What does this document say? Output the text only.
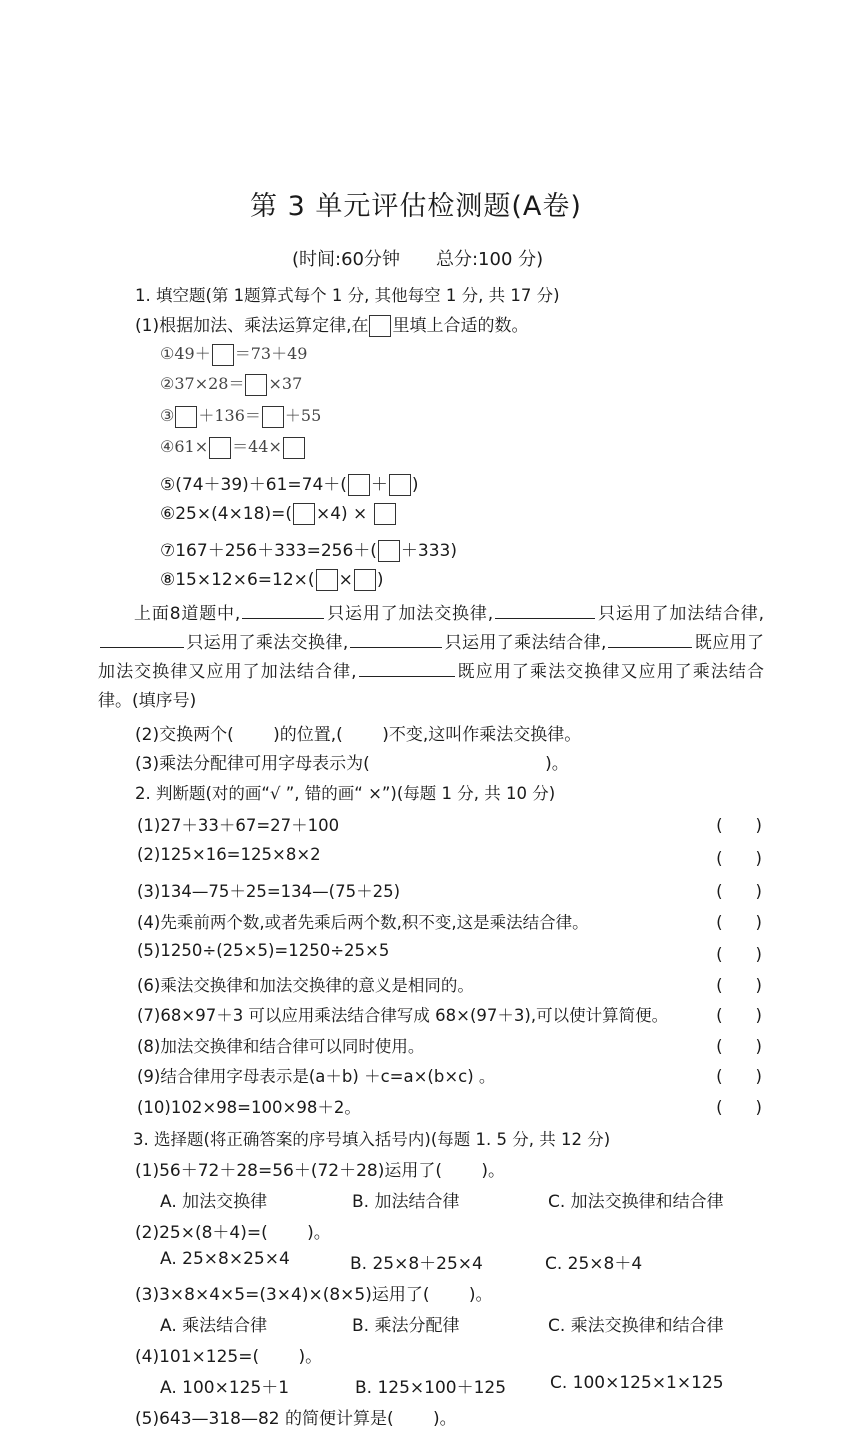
第 3 单元评估检测题(A卷)
(时间:60分钟　　总分:100 分)
1. 填空题(第 1题算式每个 1 分, 其他每空 1 分, 共 17 分)
(1)根据加法、乘法运算定律,在 里填上合适的数。
①49＋ ＝73＋49
②37×28＝ ×37
③ ＋136＝ ＋55
④61× ＝44×
⑤(74＋39)＋61=74＋( ＋ )
⑥25×(4×18)=( ×4) ×
⑦167＋256＋333=256＋( ＋333)
⑧15×12×6=12×( × )
上面8道题中,	只运用了加法交换律,	只运用了加法结合律,只运用了乘法交换律,	只运用了乘法结合律,	既应用了加法交换律又应用了加法结合律,	既应用了乘法交换律又应用了乘法结合律。(填序号)
(2)交换两个(　　 )的位置,(　　 )不变,这叫作乘法交换律。
(3)乘法分配律可用字母表示为(　　　　　　　　　　 )。
2. 判断题(对的画“√ ”, 错的画“ ×”)(每题 1 分, 共 10 分)
(1)27＋33＋67=27＋100	(　　)
(2)125×16=125×8×2	(　　)
(3)134—75＋25=134—(75＋25)	(　　)
(4)先乘前两个数,或者先乘后两个数,积不变,这是乘法结合律。	(　　)
(5)1250÷(25×5)=1250÷25×5	(　　)
(6)乘法交换律和加法交换律的意义是相同的。	(　　)
(7)68×97＋3 可以应用乘法结合律写成 68×(97＋3),可以使计算简便。	(　　)
(8)加法交换律和结合律可以同时使用。	(　　)
(9)结合律用字母表示是(a＋b) ＋c=a×(b×c) 。	(　　)
(10)102×98=100×98＋2。	(　　)
3. 选择题(将正确答案的序号填入括号内)(每题 1. 5 分, 共 12 分)
(1)56＋72＋28=56＋(72＋28)运用了(　　 )。
A. 加法交换律	B. 加法结合律	C. 加法交换律和结合律
(2)25×(8＋4)=(　　 )。
A. 25×8×25×4	B. 25×8＋25×4	C. 25×8＋4
(3)3×8×4×5=(3×4)×(8×5)运用了(　　 )。
A. 乘法结合律	B. 乘法分配律	C. 乘法交换律和结合律
(4)101×125=(　　 )。
A. 100×125＋1	B. 125×100＋125	C. 100×125×1×125
(5)643—318—82 的简便计算是(　　 )。
